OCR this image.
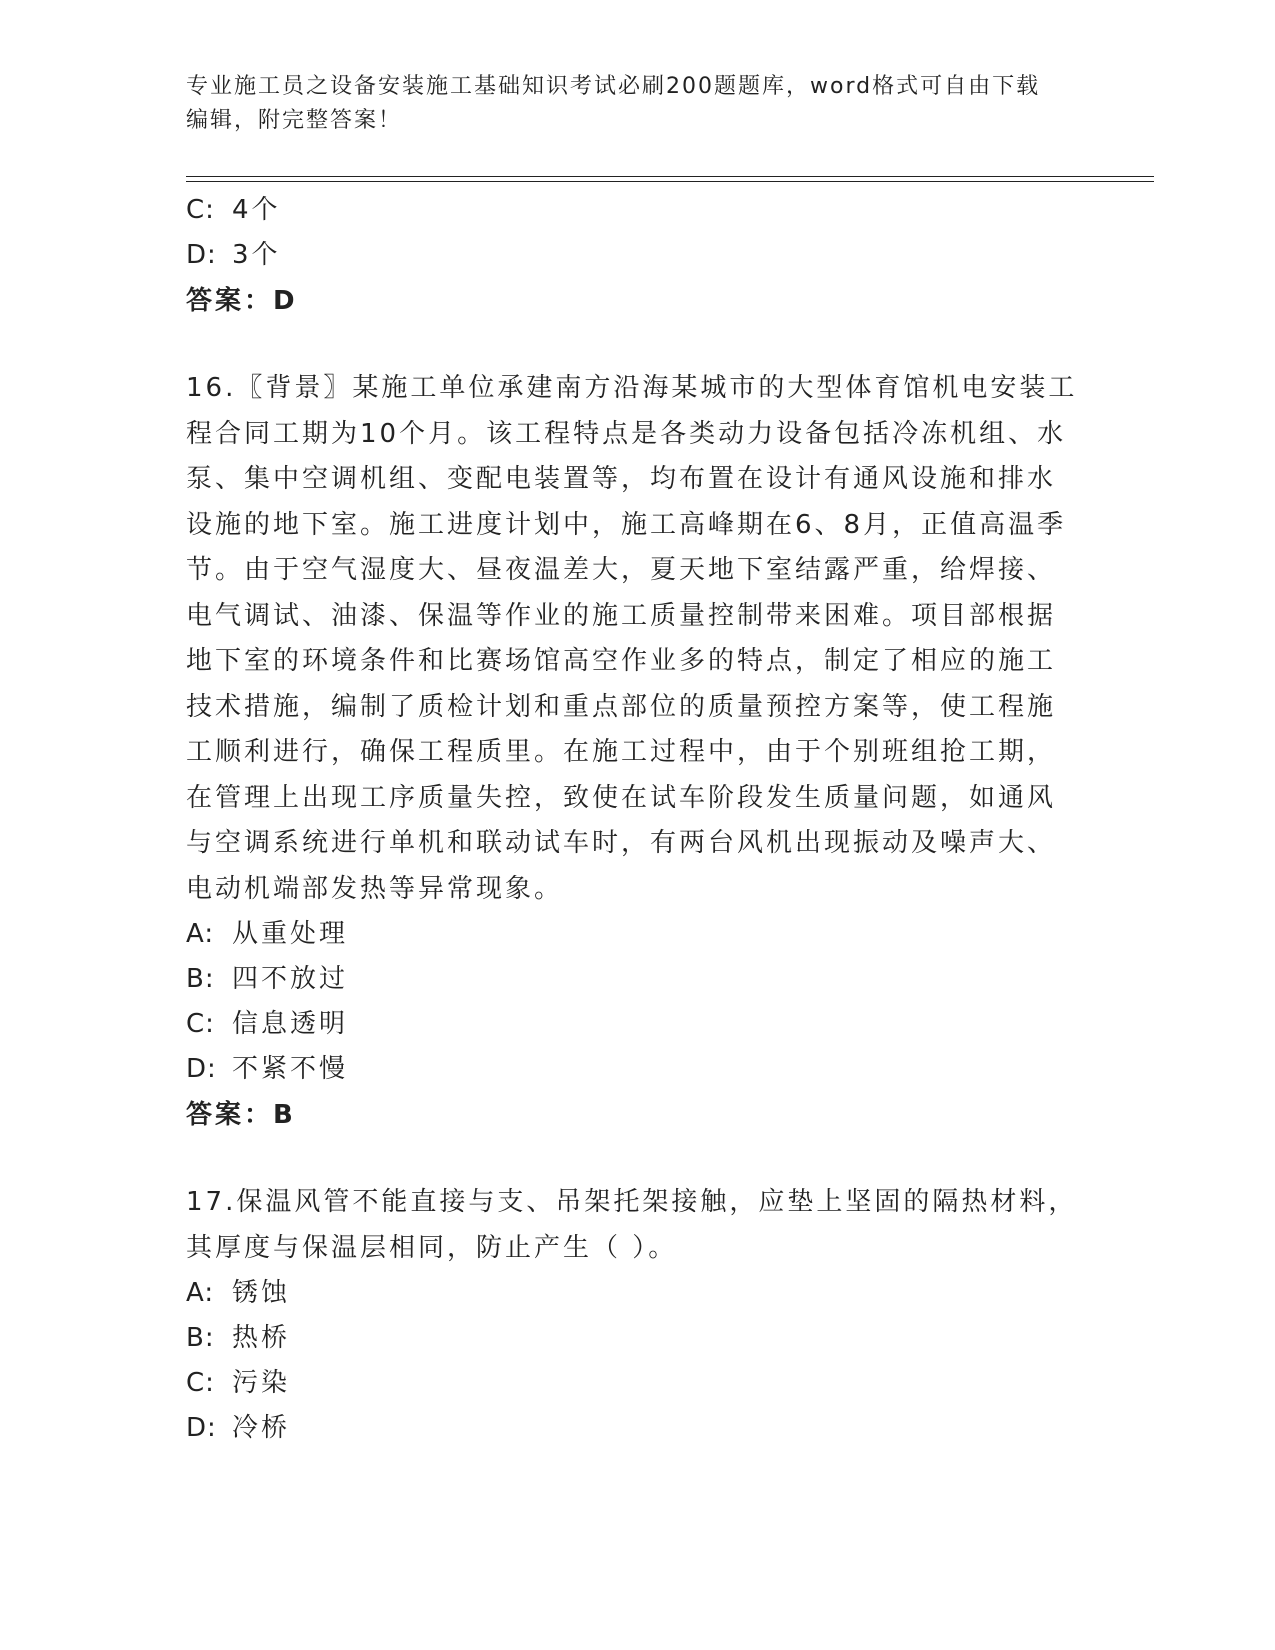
专业施工员之设备安装施工基础知识考试必刷200题题库，word格式可自由下载
编辑，附完整答案！
C: 4个
D: 3个
答案：D
16.〖背景〗某施工单位承建南方沿海某城市的大型体育馆机电安装工
程合同工期为10个月。该工程特点是各类动力设备包括冷冻机组、水
泵、集中空调机组、变配电装置等，均布置在设计有通风设施和排水
设施的地下室。施工进度计划中，施工高峰期在6、8月，正值高温季
节。由于空气湿度大、昼夜温差大，夏天地下室结露严重，给焊接、
电气调试、油漆、保温等作业的施工质量控制带来困难。项目部根据
地下室的环境条件和比赛场馆高空作业多的特点，制定了相应的施工
技术措施，编制了质检计划和重点部位的质量预控方案等，使工程施
工顺利进行，确保工程质里。在施工过程中，由于个别班组抢工期，
在管理上出现工序质量失控，致使在试车阶段发生质量问题，如通风
与空调系统进行单机和联动试车时，有两台风机出现振动及噪声大、
电动机端部发热等异常现象。
A: 从重处理
B: 四不放过
C: 信息透明
D: 不紧不慢
答案：B
17.保温风管不能直接与支、吊架托架接触，应垫上坚固的隔热材料，
其厚度与保温层相同，防止产生（ ）。
A: 锈蚀
B: 热桥
C: 污染
D: 冷桥
